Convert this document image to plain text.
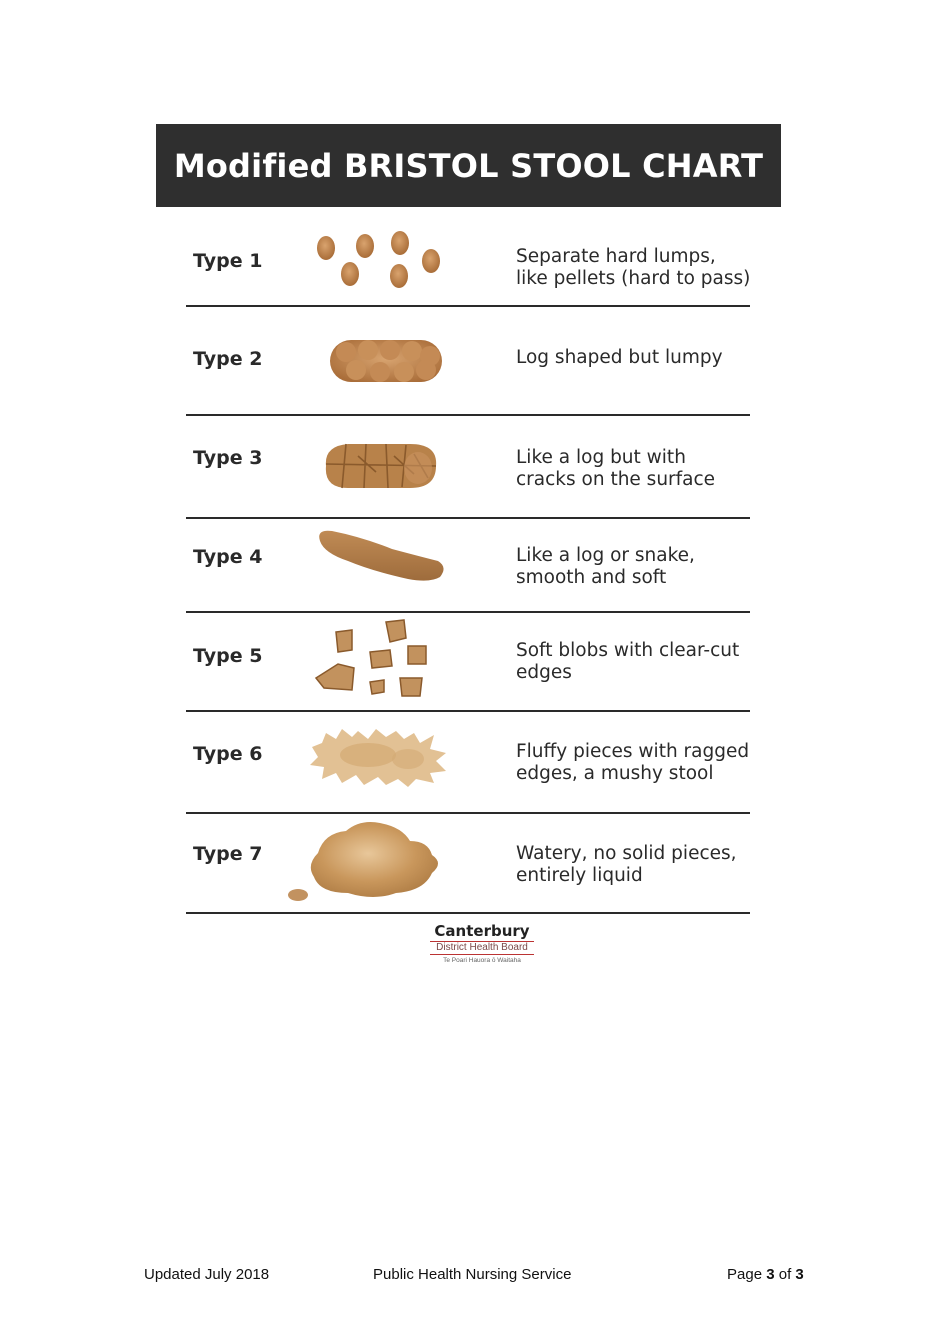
Modified BRISTOL STOOL CHART
Type 1	Separate hard lumps,
like pellets (hard to pass)
Type 2	Log shaped but lumpy
Type 3	Like a log but with
cracks on the surface
Type 4	Like a log or snake,
smooth and soft
Type 5	Soft blobs with clear-cut
edges
Type 6	Fluffy pieces with ragged
edges, a mushy stool
Type 7	Watery, no solid pieces,
entirely liquid
Canterbury
District Health Board
Te Poari Hauora ō Waitaha
Updated July 2018	Public Health Nursing Service	Page 3 of 3
